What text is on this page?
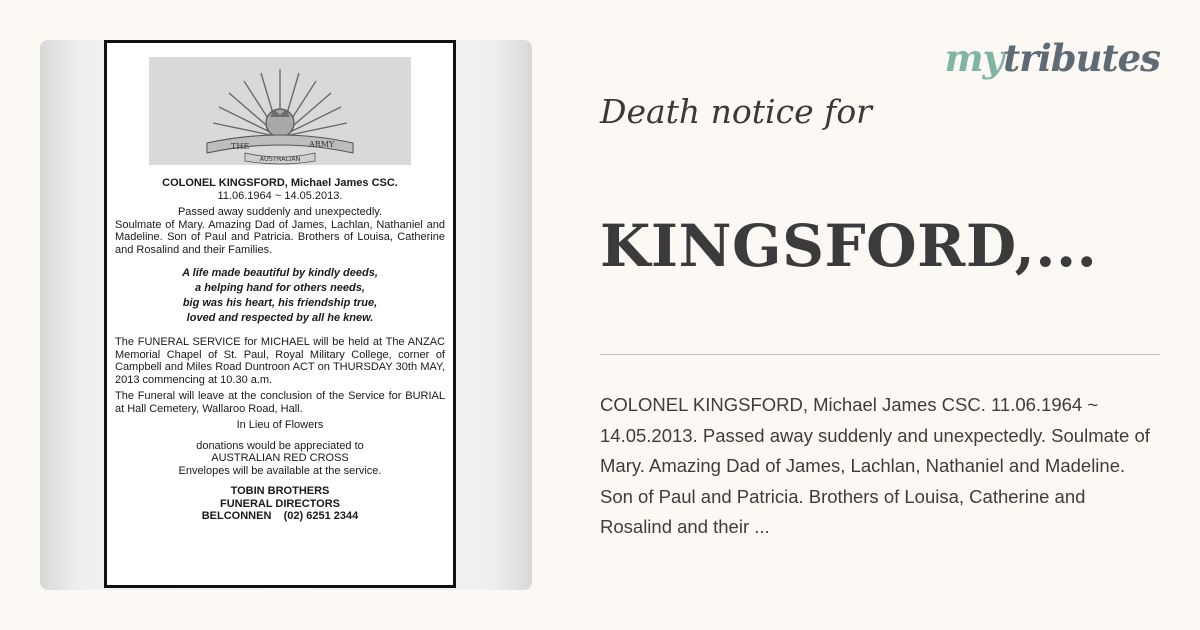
THE	ARMY
AUSTRALIAN
COLONEL KINGSFORD, Michael James CSC.
11.06.1964 ~ 14.05.2013.
Passed away suddenly and unexpectedly.
Soulmate of Mary. Amazing Dad of James, Lachlan, Nathaniel and Madeline. Son of Paul and Patricia. Brothers of Louisa, Catherine and Rosalind and their Families.
A life made beautiful by kindly deeds,
a helping hand for others needs,
big was his heart, his friendship true,
loved and respected by all he knew.
The FUNERAL SERVICE for MICHAEL will be held at The ANZAC Memorial Chapel of St. Paul, Royal Military College, corner of Campbell and Miles Road Duntroon ACT on THURSDAY 30th MAY, 2013 commencing at 10.30 a.m.
The Funeral will leave at the conclusion of the Service for BURIAL at Hall Cemetery, Wallaroo Road, Hall.
In Lieu of Flowers
donations would be appreciated to
AUSTRALIAN RED CROSS
Envelopes will be available at the service.
TOBIN BROTHERS
FUNERAL DIRECTORS
BELCONNEN    (02) 6251 2344
mytributes
Death notice for
KINGSFORD,...
COLONEL KINGSFORD, Michael James CSC. 11.06.1964 ~ 14.05.2013. Passed away suddenly and unexpectedly. Soulmate of Mary. Amazing Dad of James, Lachlan, Nathaniel and Madeline. Son of Paul and Patricia. Brothers of Louisa, Catherine and Rosalind and their ...
